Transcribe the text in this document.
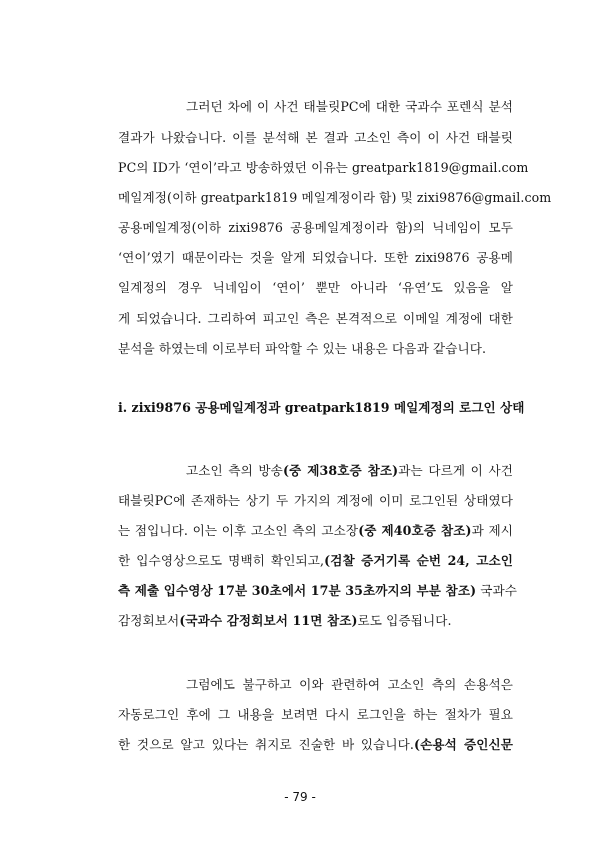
그러던 차에 이 사건 태블릿PC에 대한 국과수 포렌식 분석
결과가 나왔습니다. 이를 분석해 본 결과 고소인 측이 이 사건 태블릿
PC의 ID가 ‘연이’라고 방송하였던 이유는 greatpark1819@gmail.com
메일계정(이하 greatpark1819 메일계정이라 함) 및 zixi9876@gmail.com
공용메일계정(이하 zixi9876 공용메일계정이라 함)의 닉네임이 모두
‘연이’였기 때문이라는 것을 알게 되었습니다. 또한 zixi9876 공용메
일계정의 경우 닉네임이 ‘연이’ 뿐만 아니라 ‘유연’도 있음을 알
게 되었습니다. 그리하여 피고인 측은 본격적으로 이메일 계정에 대한
분석을 하였는데 이로부터 파악할 수 있는 내용은 다음과 같습니다.
ⅰ. zixi9876 공용메일계정과 greatpark1819 메일계정의 로그인 상태
고소인 측의 방송(중 제38호증 참조)과는 다르게 이 사건
태블릿PC에 존재하는 상기 두 가지의 계정에 이미 로그인된 상태였다
는 점입니다. 이는 이후 고소인 측의 고소장(중 제40호증 참조)과 제시
한 입수영상으로도 명백히 확인되고,(검찰 증거기록 순번 24, 고소인
측 제출 입수영상 17분 30초에서 17분 35초까지의 부분 참조) 국과수
감정회보서(국과수 감정회보서 11면 참조)로도 입증됩니다.
그럼에도 불구하고 이와 관련하여 고소인 측의 손용석은
자동로그인 후에 그 내용을 보려면 다시 로그인을 하는 절차가 필요
한 것으로 알고 있다는 취지로 진술한 바 있습니다.(손용석 증인신문
- 79 -
